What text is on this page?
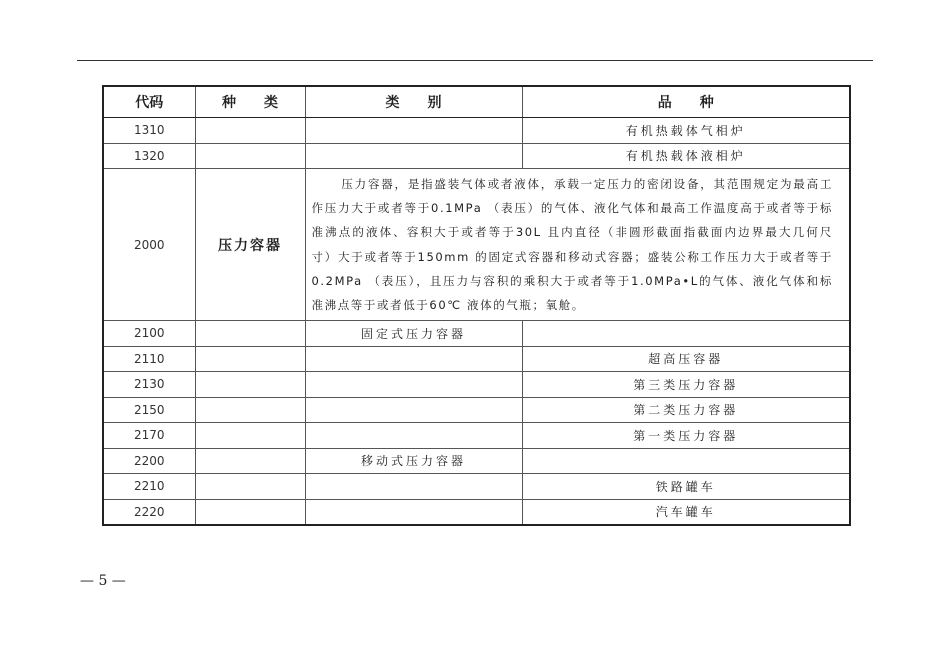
代码	种　　类	类　　别	品　　种
1310			有机热载体气相炉
1320			有机热载体液相炉
2000	压力容器	压力容器，是指盛装气体或者液体，承载一定压力的密闭设备，其范围规定为最高工作压力大于或者等于0.1MPa （表压）的气体、液化气体和最高工作温度高于或者等于标准沸点的液体、容积大于或者等于30L 且内直径（非圆形截面指截面内边界最大几何尺寸）大于或者等于150mm 的固定式容器和移动式容器；盛装公称工作压力大于或者等于0.2MPa （表压），且压力与容积的乘积大于或者等于1.0MPa•L的气体、液化气体和标准沸点等于或者低于60℃ 液体的气瓶；氧舱。	
2100		固定式压力容器	
2110			超高压容器
2130			第三类压力容器
2150			第二类压力容器
2170			第一类压力容器
2200		移动式压力容器	
2210			铁路罐车
2220			汽车罐车
— 5 —
